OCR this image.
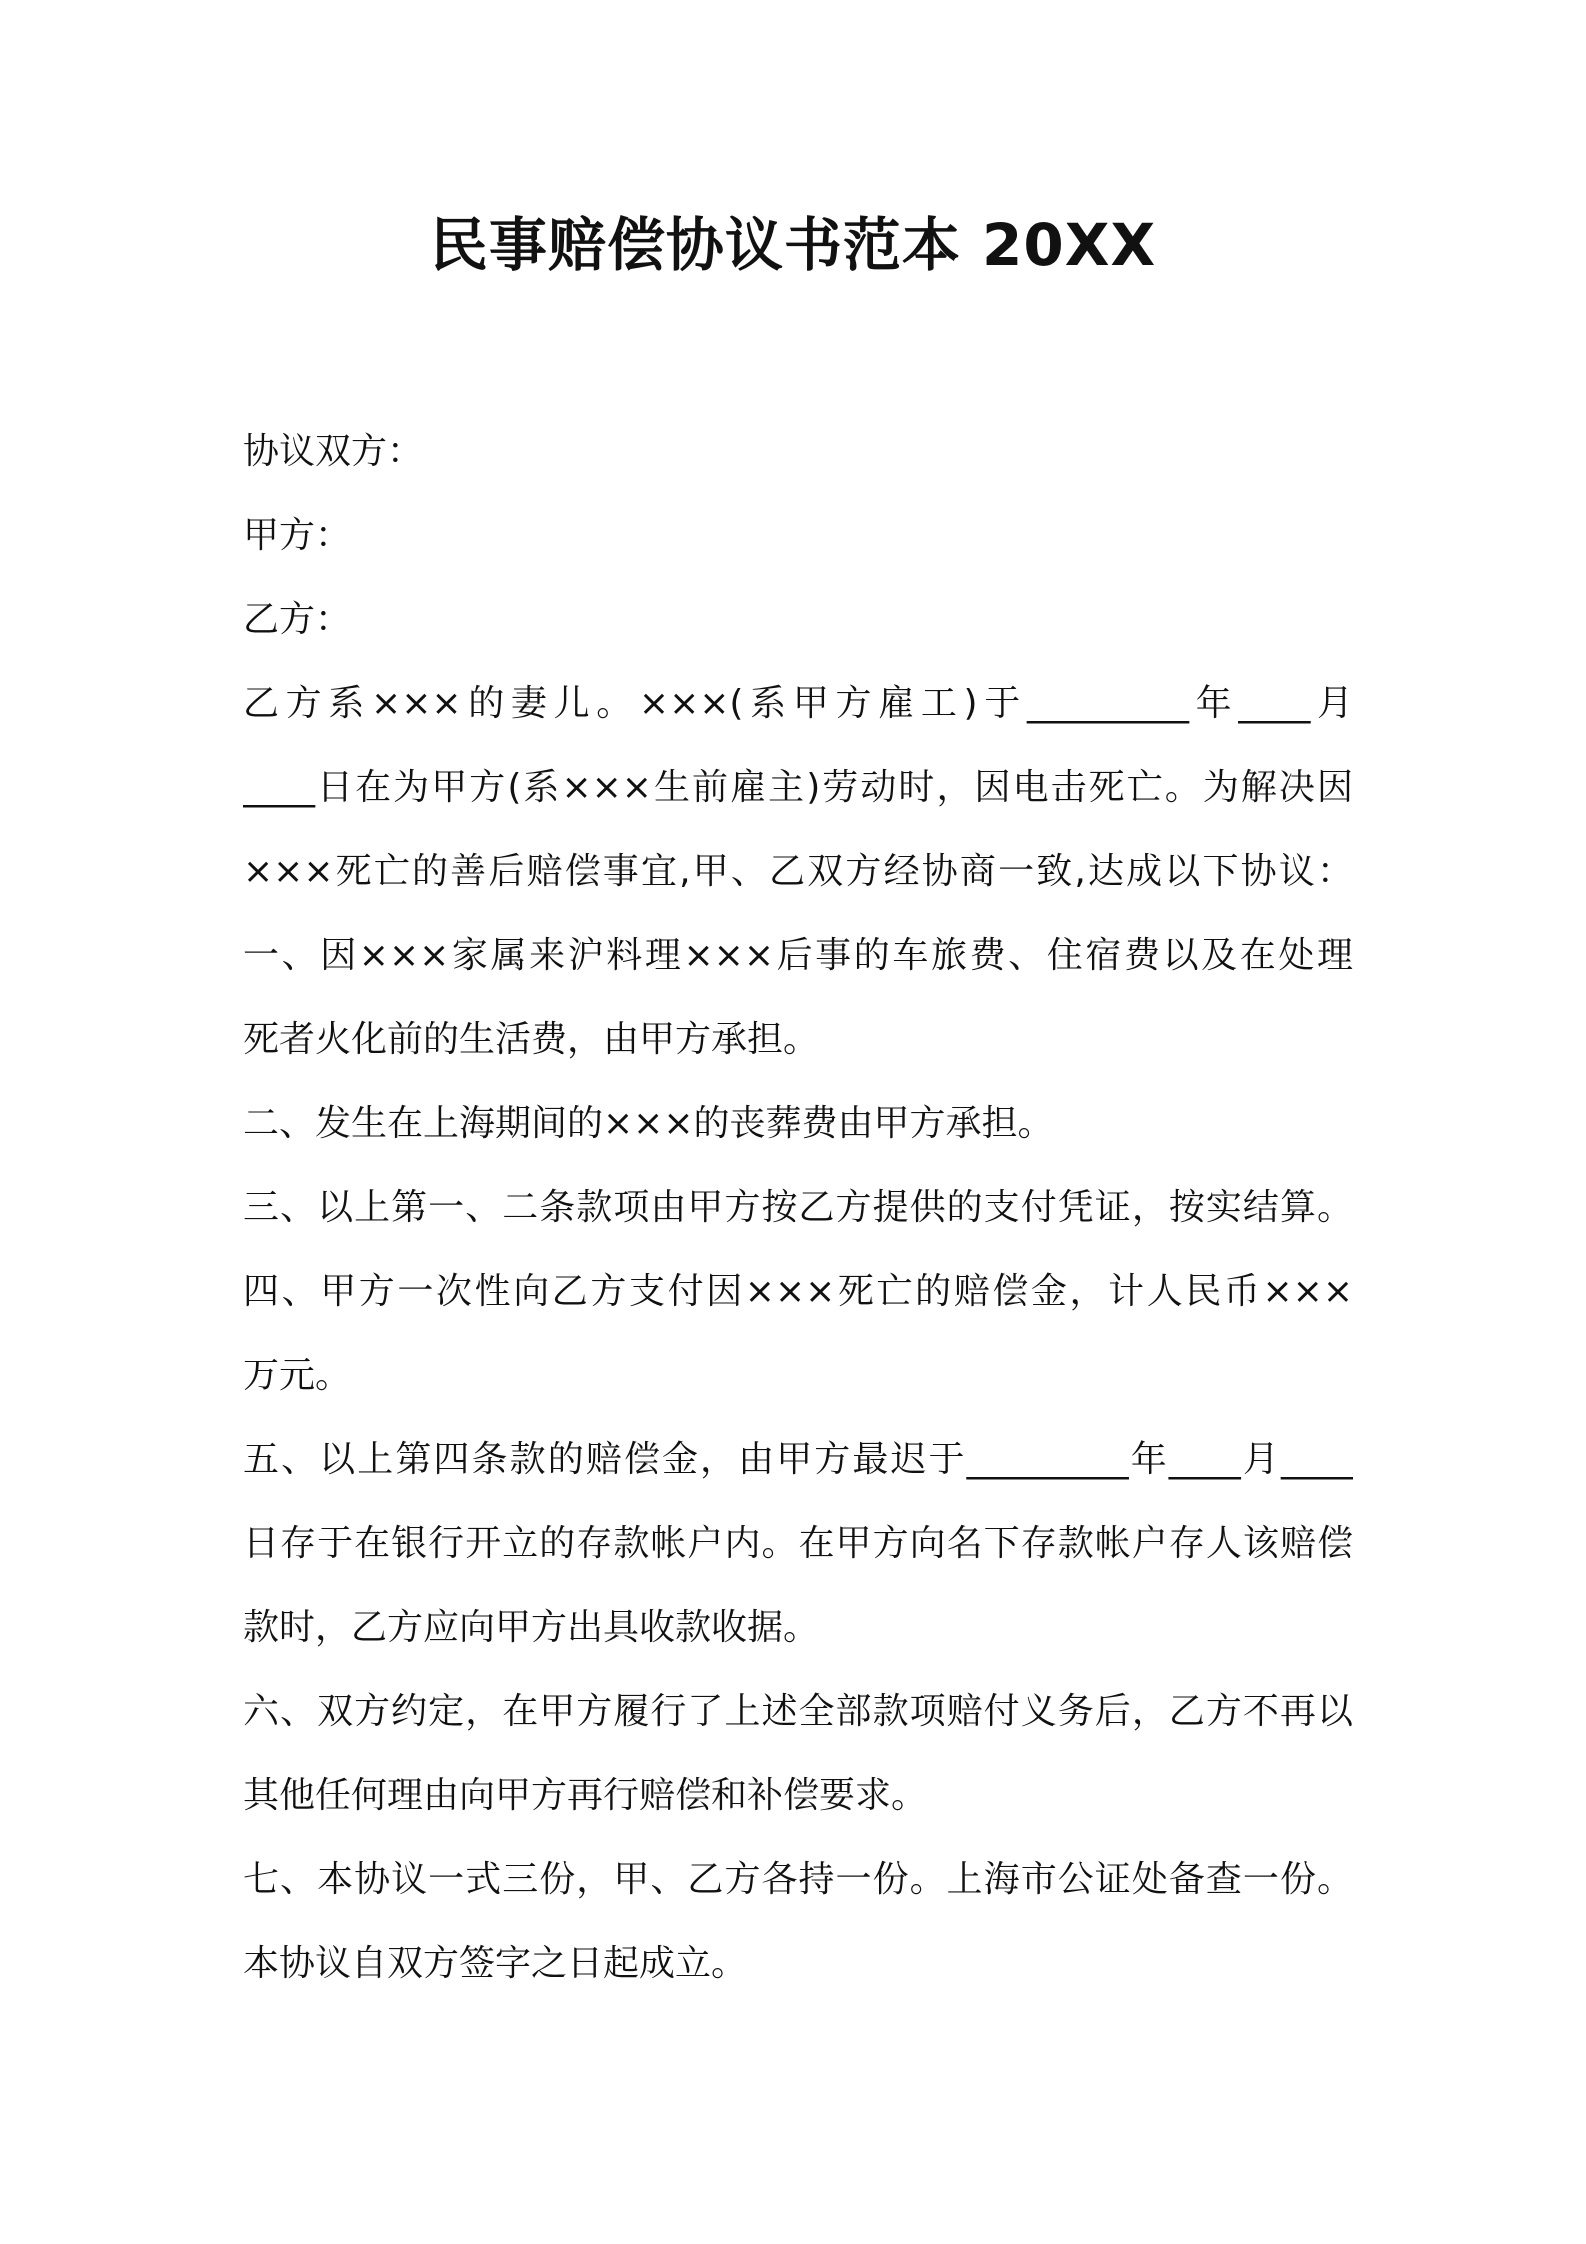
民事赔偿协议书范本 20XX
协议双方：
甲方：
乙方：
乙方系×××的妻儿。×××(系甲方雇工)于_________年____月
____日在为甲方(系×××生前雇主)劳动时，因电击死亡。为解决因
×××死亡的善后赔偿事宜,甲、乙双方经协商一致,达成以下协议：
一、因×××家属来沪料理×××后事的车旅费、住宿费以及在处理
死者火化前的生活费，由甲方承担。
二、发生在上海期间的×××的丧葬费由甲方承担。
三、以上第一、二条款项由甲方按乙方提供的支付凭证，按实结算。
四、甲方一次性向乙方支付因×××死亡的赔偿金，计人民币×××
万元。
五、以上第四条款的赔偿金，由甲方最迟于_________年____月____
日存于在银行开立的存款帐户内。在甲方向名下存款帐户存人该赔偿
款时，乙方应向甲方出具收款收据。
六、双方约定，在甲方履行了上述全部款项赔付义务后，乙方不再以
其他任何理由向甲方再行赔偿和补偿要求。
七、本协议一式三份，甲、乙方各持一份。上海市公证处备查一份。
本协议自双方签字之日起成立。
